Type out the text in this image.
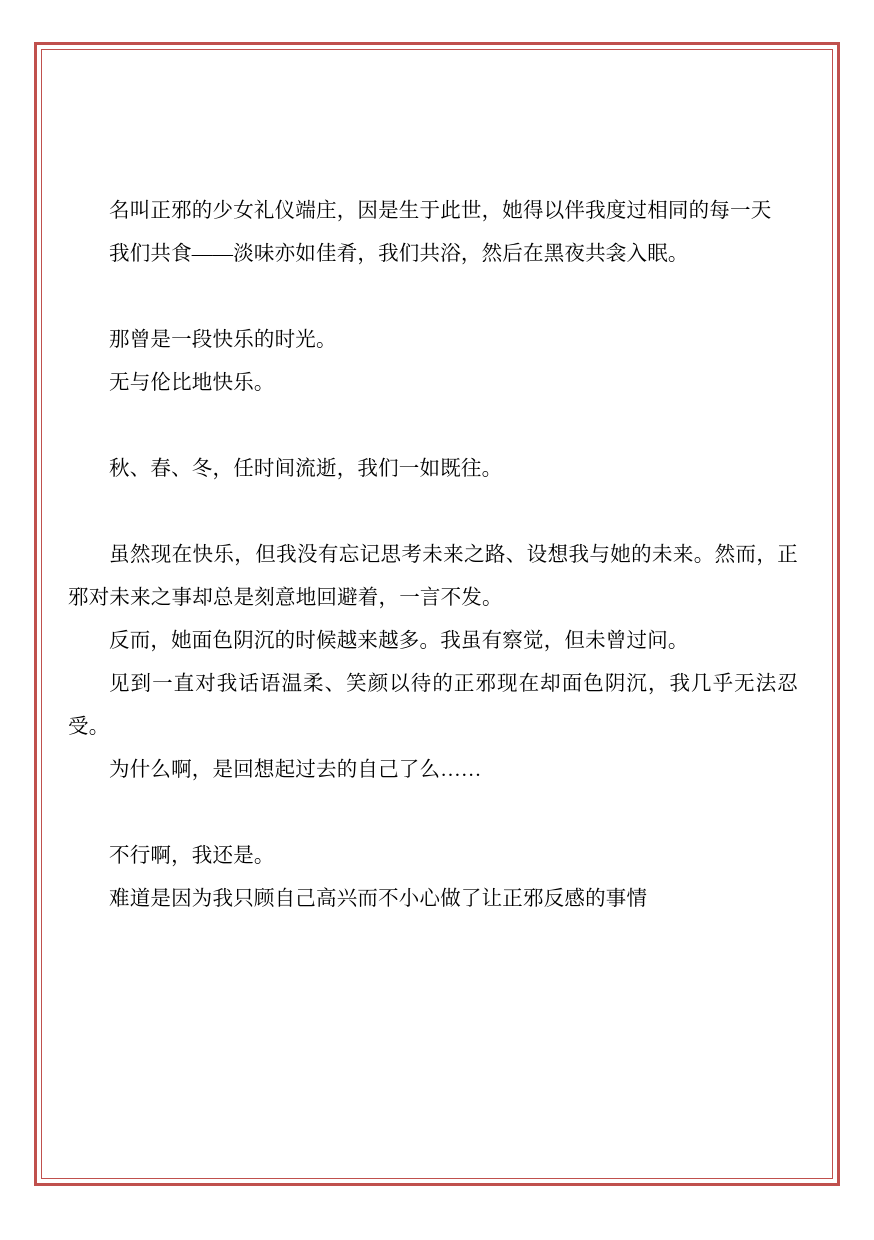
名叫正邪的少女礼仪端庄，因是生于此世，她得以伴我度过相同的每一天

我们共食——淡味亦如佳肴，我们共浴，然后在黑夜共衾入眠。

那曾是一段快乐的时光。

无与伦比地快乐。

秋、春、冬，任时间流逝，我们一如既往。

虽然现在快乐，但我没有忘记思考未来之路、设想我与她的未来。然而，正邪对未来之事却总是刻意地回避着，一言不发。

反而，她面色阴沉的时候越来越多。我虽有察觉，但未曾过问。

见到一直对我话语温柔、笑颜以待的正邪现在却面色阴沉，我几乎无法忍受。

为什么啊，是回想起过去的自己了么……

不行啊，我还是。

难道是因为我只顾自己高兴而不小心做了让正邪反感的事情
